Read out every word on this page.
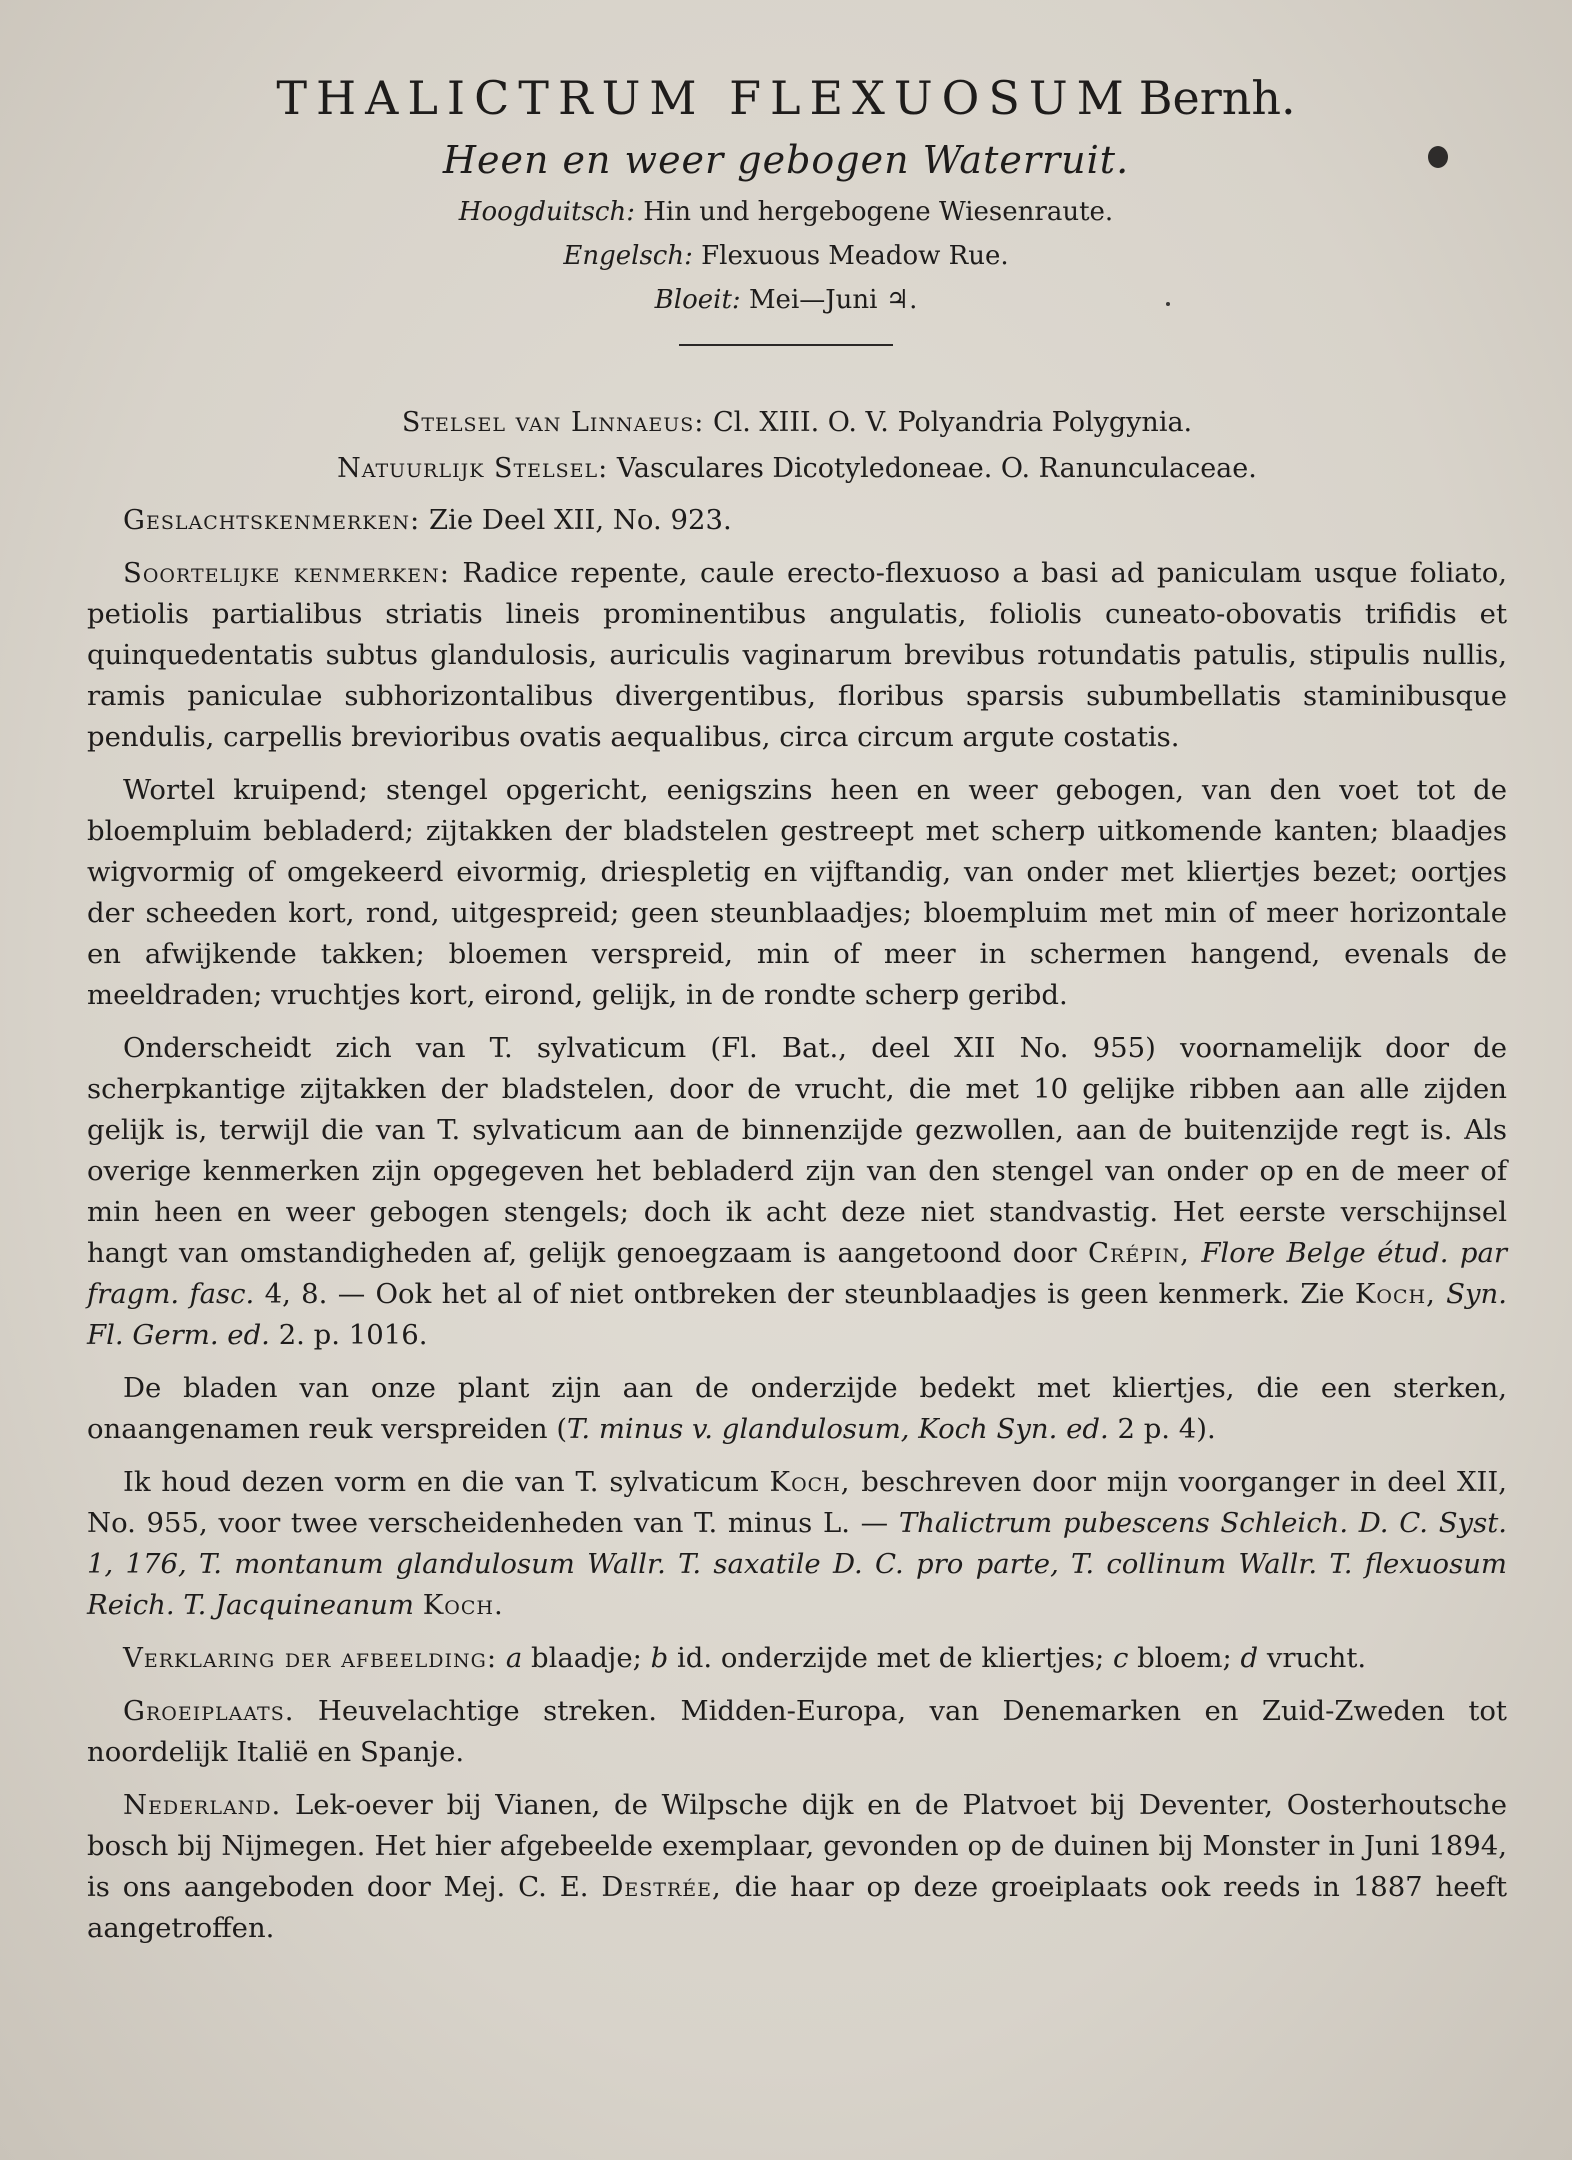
THALICTRUM FLEXUOSUM Bernh.
Heen en weer gebogen Waterruit.
Hoogduitsch: Hin und hergebogene Wiesenraute.
Engelsch: Flexuous Meadow Rue.
Bloeit: Mei—Juni ♃.
Stelsel van Linnaeus: Cl. XIII. O. V. Polyandria Polygynia.
Natuurlijk Stelsel: Vasculares Dicotyledoneae. O. Ranunculaceae.

Geslachtskenmerken: Zie Deel XII, No. 923.

Soortelijke kenmerken: Radice repente, caule erecto-flexuoso a basi ad paniculam usque foliato, petiolis partialibus striatis lineis prominentibus angulatis, foliolis cuneato-obovatis trifidis et quinquedentatis subtus glandulosis, auriculis vaginarum brevibus rotundatis patulis, stipulis nullis, ramis paniculae subhorizontalibus divergentibus, floribus sparsis subumbellatis staminibusque pendulis, carpellis brevioribus ovatis aequalibus, circa circum argute costatis.

Wortel kruipend; stengel opgericht, eenigszins heen en weer gebogen, van den voet tot de bloempluim bebladerd; zijtakken der bladstelen gestreept met scherp uitkomende kanten; blaadjes wigvormig of omgekeerd eivormig, driespletig en vijftandig, van onder met kliertjes bezet; oortjes der scheeden kort, rond, uitgespreid; geen steunblaadjes; bloempluim met min of meer horizontale en afwijkende takken; bloemen verspreid, min of meer in schermen hangend, evenals de meeldraden; vruchtjes kort, eirond, gelijk, in de rondte scherp geribd.

Onderscheidt zich van T. sylvaticum (Fl. Bat., deel XII No. 955) voornamelijk door de scherpkantige zijtakken der bladstelen, door de vrucht, die met 10 gelijke ribben aan alle zijden gelijk is, terwijl die van T. sylvaticum aan de binnenzijde gezwollen, aan de buitenzijde regt is. Als overige kenmerken zijn opgegeven het bebladerd zijn van den stengel van onder op en de meer of min heen en weer gebogen stengels; doch ik acht deze niet standvastig. Het eerste verschijnsel hangt van omstandigheden af, gelijk genoegzaam is aangetoond door Crépin, Flore Belge étud. par fragm. fasc. 4, 8. — Ook het al of niet ontbreken der steunblaadjes is geen kenmerk. Zie Koch, Syn. Fl. Germ. ed. 2. p. 1016.

De bladen van onze plant zijn aan de onderzijde bedekt met kliertjes, die een sterken, onaangenamen reuk verspreiden (T. minus v. glandulosum, Koch Syn. ed. 2 p. 4).

Ik houd dezen vorm en die van T. sylvaticum Koch, beschreven door mijn voorganger in deel XII, No. 955, voor twee verscheidenheden van T. minus L. — Thalictrum pubescens Schleich. D. C. Syst. 1, 176, T. montanum glandulosum Wallr. T. saxatile D. C. pro parte, T. collinum Wallr. T. flexuosum Reich. T. Jacquineanum Koch.

Verklaring der afbeelding: a blaadje; b id. onderzijde met de kliertjes; c bloem; d vrucht.

Groeiplaats. Heuvelachtige streken. Midden-Europa, van Denemarken en Zuid-Zweden tot noordelijk Italië en Spanje.

Nederland. Lek-oever bij Vianen, de Wilpsche dijk en de Platvoet bij Deventer, Oosterhoutsche bosch bij Nijmegen. Het hier afgebeelde exemplaar, gevonden op de duinen bij Monster in Juni 1894, is ons aangeboden door Mej. C. E. Destrée, die haar op deze groeiplaats ook reeds in 1887 heeft aangetroffen.
